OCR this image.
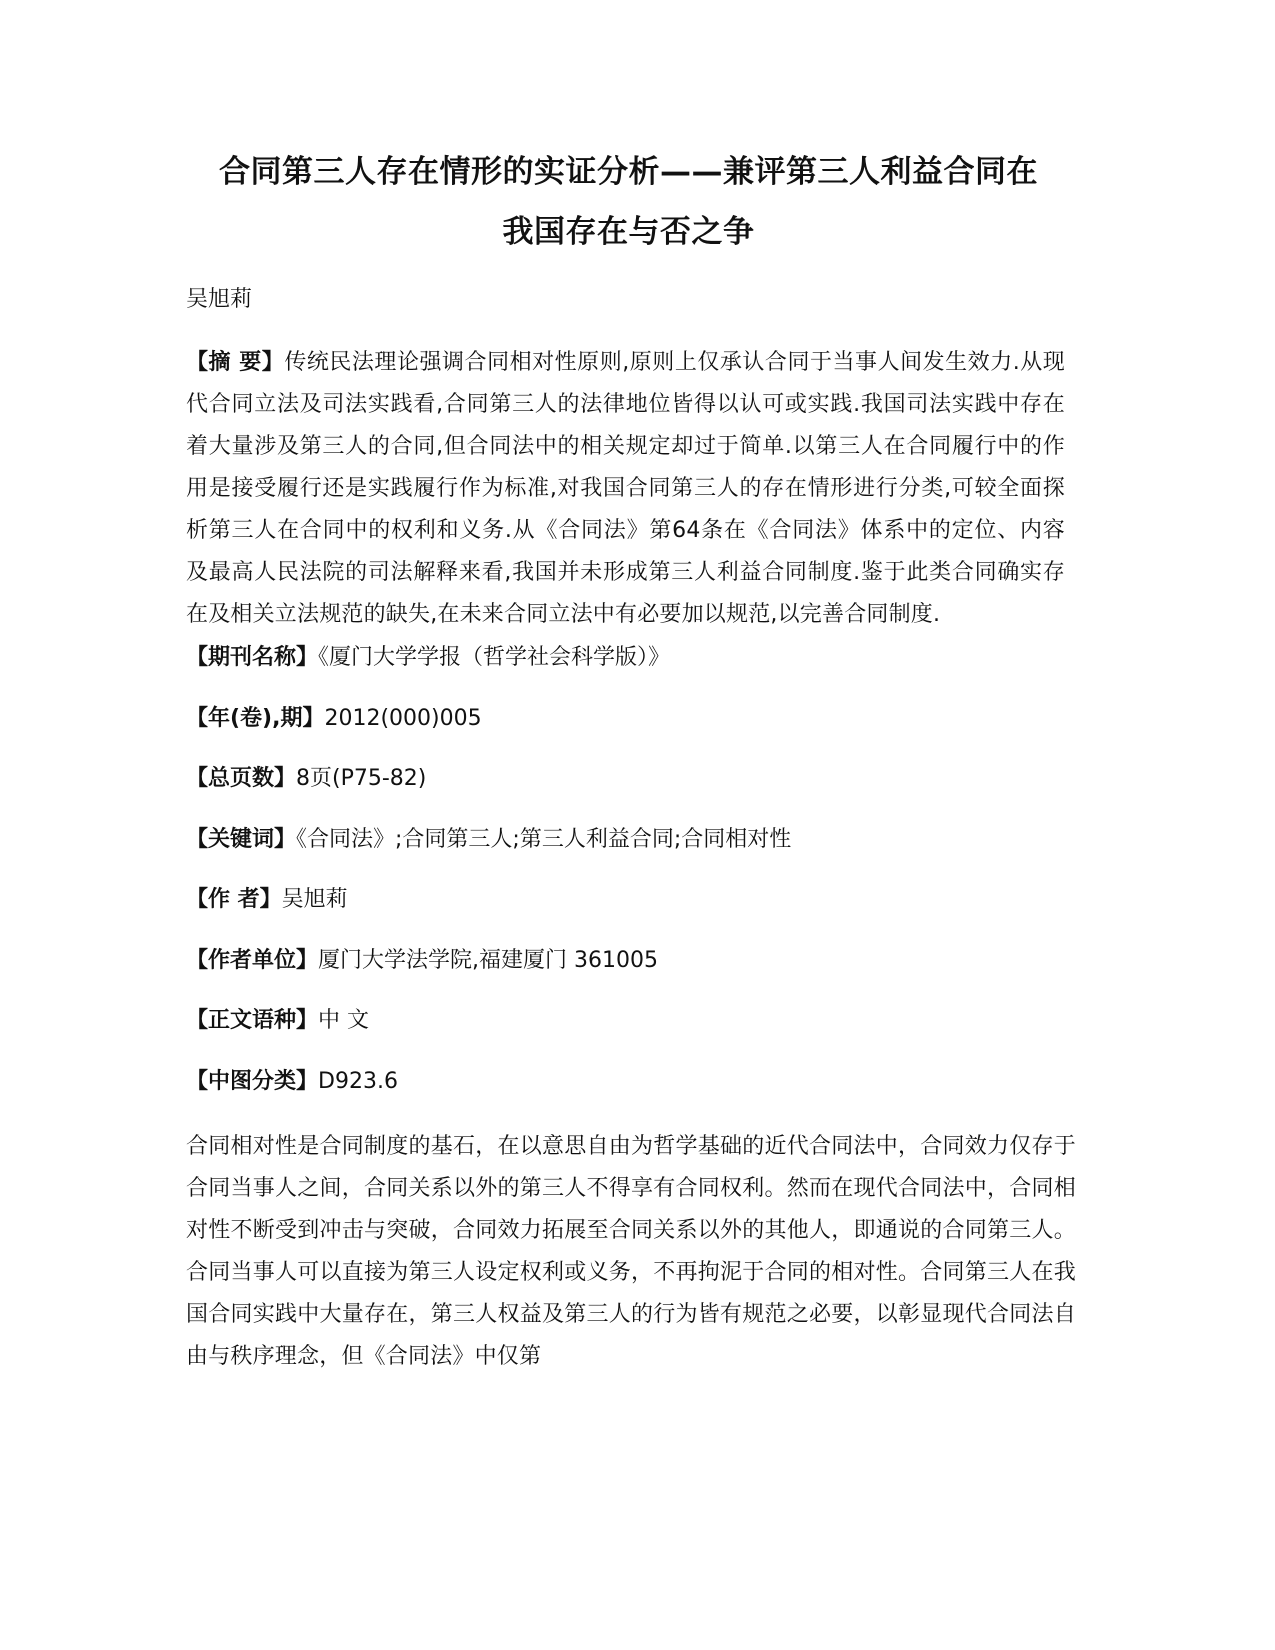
合同第三人存在情形的实证分析——兼评第三人利益合同在
我国存在与否之争
吴旭莉

【摘 要】传统民法理论强调合同相对性原则,原则上仅承认合同于当事人间发生效力.从现代合同立法及司法实践看,合同第三人的法律地位皆得以认可或实践.我国司法实践中存在着大量涉及第三人的合同,但合同法中的相关规定却过于简单.以第三人在合同履行中的作用是接受履行还是实践履行作为标准,对我国合同第三人的存在情形进行分类,可较全面探析第三人在合同中的权利和义务.从《合同法》第64条在《合同法》体系中的定位、内容及最高人民法院的司法解释来看,我国并未形成第三人利益合同制度.鉴于此类合同确实存在及相关立法规范的缺失,在未来合同立法中有必要加以规范,以完善合同制度.

【期刊名称】《厦门大学学报（哲学社会科学版）》
【年(卷),期】2012(000)005
【总页数】8页(P75-82)
【关键词】《合同法》;合同第三人;第三人利益合同;合同相对性
【作 者】吴旭莉
【作者单位】厦门大学法学院,福建厦门 361005
【正文语种】中 文
【中图分类】D923.6

合同相对性是合同制度的基石，在以意思自由为哲学基础的近代合同法中，合同效力仅存于合同当事人之间，合同关系以外的第三人不得享有合同权利。然而在现代合同法中，合同相对性不断受到冲击与突破，合同效力拓展至合同关系以外的其他人，即通说的合同第三人。合同当事人可以直接为第三人设定权利或义务，不再拘泥于合同的相对性。合同第三人在我国合同实践中大量存在，第三人权益及第三人的行为皆有规范之必要，以彰显现代合同法自由与秩序理念，但《合同法》中仅第
